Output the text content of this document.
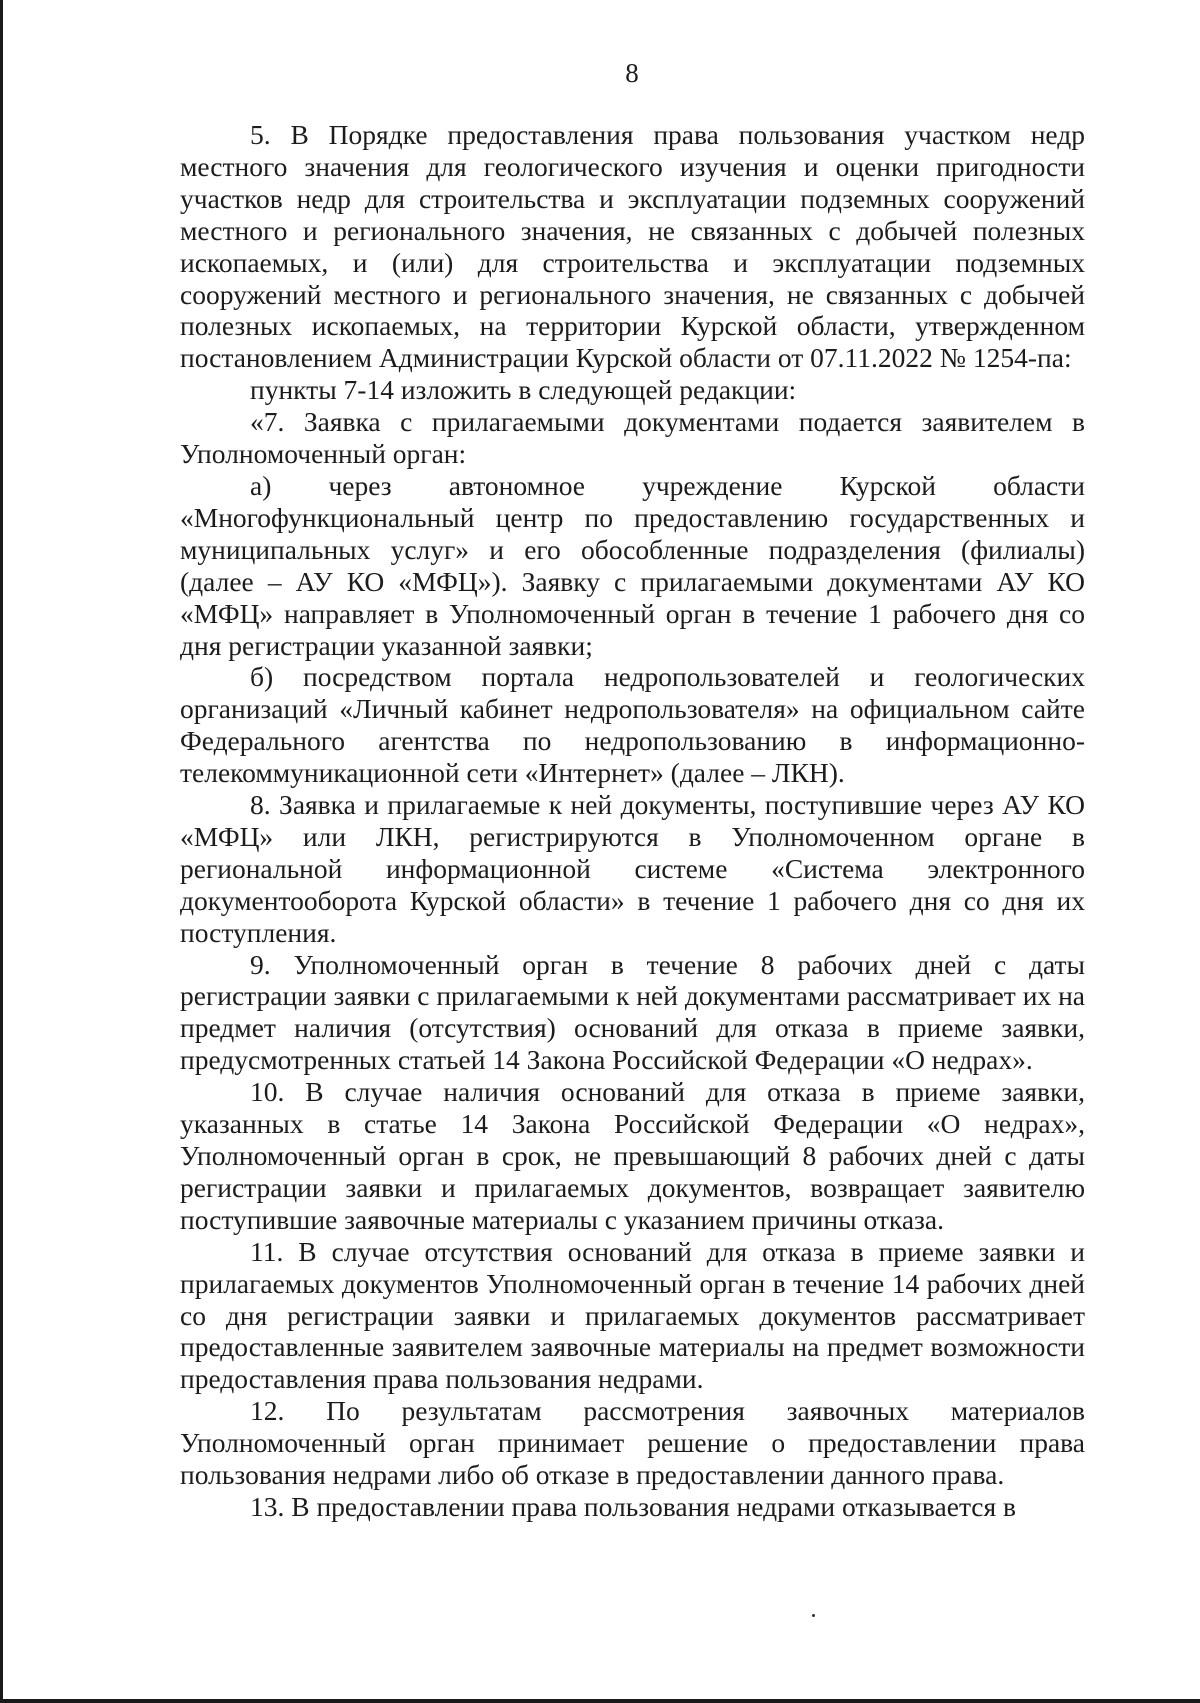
8

5. В Порядке предоставления права пользования участком недр местного значения для геологического изучения и оценки пригодности участков недр для строительства и эксплуатации подземных сооружений местного и регионального значения, не связанных с добычей полезных ископаемых, и (или) для строительства и эксплуатации подземных сооружений местного и регионального значения, не связанных с добычей полезных ископаемых, на территории Курской области, утвержденном постановлением Администрации Курской области от 07.11.2022 № 1254-па:

пункты 7-14 изложить в следующей редакции:

«7. Заявка с прилагаемыми документами подается заявителем в Уполномоченный орган:

а) через автономное учреждение Курской области «Многофункциональный центр по предоставлению государственных и муниципальных услуг» и его обособленные подразделения (филиалы) (далее – АУ КО «МФЦ»). Заявку с прилагаемыми документами АУ КО «МФЦ» направляет в Уполномоченный орган в течение 1 рабочего дня со дня регистрации указанной заявки;

б) посредством портала недропользователей и геологических организаций «Личный кабинет недропользователя» на официальном сайте Федерального агентства по недропользованию в информационно-телекоммуникационной сети «Интернет» (далее – ЛКН).

8. Заявка и прилагаемые к ней документы, поступившие через АУ КО «МФЦ» или ЛКН, регистрируются в Уполномоченном органе в региональной информационной системе «Система электронного документооборота Курской области» в течение 1 рабочего дня со дня их поступления.

9. Уполномоченный орган в течение 8 рабочих дней с даты регистрации заявки с прилагаемыми к ней документами рассматривает их на предмет наличия (отсутствия) оснований для отказа в приеме заявки, предусмотренных статьей 14 Закона Российской Федерации «О недрах».

10. В случае наличия оснований для отказа в приеме заявки, указанных в статье 14 Закона Российской Федерации «О недрах», Уполномоченный орган в срок, не превышающий 8 рабочих дней с даты регистрации заявки и прилагаемых документов, возвращает заявителю поступившие заявочные материалы с указанием причины отказа.

11. В случае отсутствия оснований для отказа в приеме заявки и прилагаемых документов Уполномоченный орган в течение 14 рабочих дней со дня регистрации заявки и прилагаемых документов рассматривает предоставленные заявителем заявочные материалы на предмет возможности предоставления права пользования недрами.

12. По результатам рассмотрения заявочных материалов Уполномоченный орган принимает решение о предоставлении права пользования недрами либо об отказе в предоставлении данного права.

13. В предоставлении права пользования недрами отказывается в
